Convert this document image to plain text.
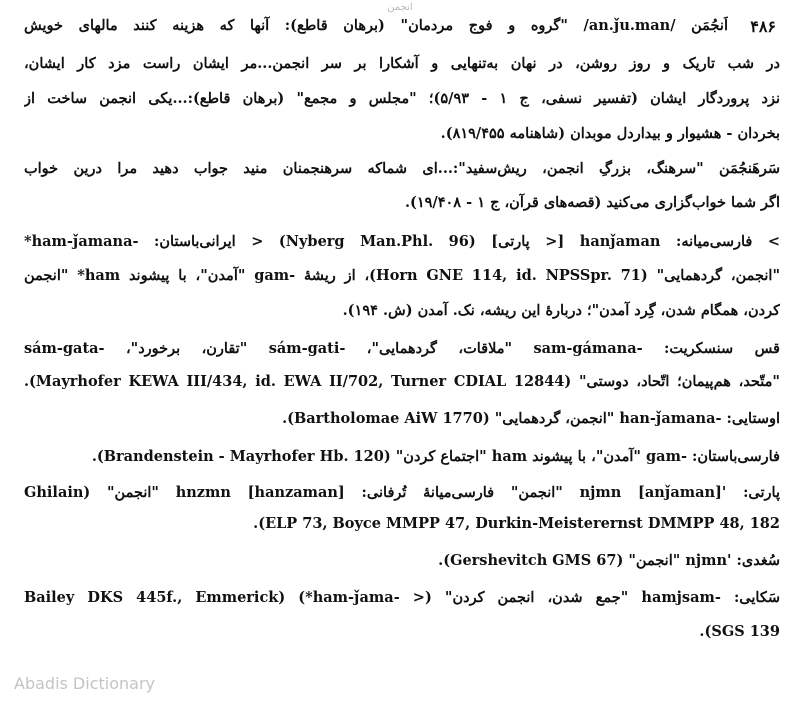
انجمن
۴۸۶
اَنجُمَن /an.ǰu.man/ "گروه و فوج مردمان" (برهان قاطع): آنها که هزینه کنند مالهای خویش
در شب تاریک و روز روشن، در نهان به‌تنهایی و آشکارا بر سر انجمن...مر ایشان راست مزد کار ایشان،
نزد پروردگار ایشان (تفسیر نسفی، ج ۱ - ۵/۹۳)؛ "مجلس و مجمع" (برهان قاطع):...یکی انجمن ساخت از
بخردان - هشیوار و بیداردل موبدان (شاهنامه ۸۱۹/۴۵۵).
سَرهَنجُمَن "سرهنگ، بزرگِ انجمن، ریش‌سفید":...ای شماکه سرهنجمنان منید جواب دهید مرا درین خواب
اگر شما خواب‌گزاری می‌کنید (قصه‌های قرآن، ج ۱ - ۱۹/۴۰۸).
> فارسی‌میانه: hanǰaman [< پارتی] (Nyberg Man.Phl. 96) < ایرانی‌باستان: -ham-ǰamana*
"انجمن، گردهمایی" (Horn GNE 114, id. NPSSpr. 71)، از ریشهٔ -gam "آمدن"، با پیشوند ham* "انجمن
کردن، همگام شدن، گِرد آمدن"؛ دربارهٔ این ریشه، نک. آمدن (ش. ۱۹۴).
قس سنسکریت: -sam-gámana "ملاقات، گردهمایی"، -sám-gati "تقارن، برخورد"، -sám-gata
"متّحد، هم‌پیمان؛ اتّحاد، دوستی" (Mayrhofer KEWA III/434, id. EWA II/702, Turner CDIAL 12844).
اوستایی: -han-ǰamana "انجمن، گردهمایی" (Bartholomae AiW 1770).
فارسی‌باستان: -gam "آمدن"، با پیشوند ham "اجتماع کردن" (Brandenstein - Mayrhofer Hb. 120).
پارتی: 'njmn [anǰaman] "انجمن" فارسی‌میانهٔ تُرفانی: hnzmn [hanzaman] "انجمن" (Ghilain
ELP 73, Boyce MMPP 47, Durkin-Meisterernst DMMPP 48, 182).
سُغدی: 'njmn "انجمن" (Gershevitch GMS 67).
سَکایی: -hamjsam "جمع شدن، انجمن کردن" (< -ham-ǰama*) (Bailey DKS 445f., Emmerick
SGS 139).
Abadis Dictionary
